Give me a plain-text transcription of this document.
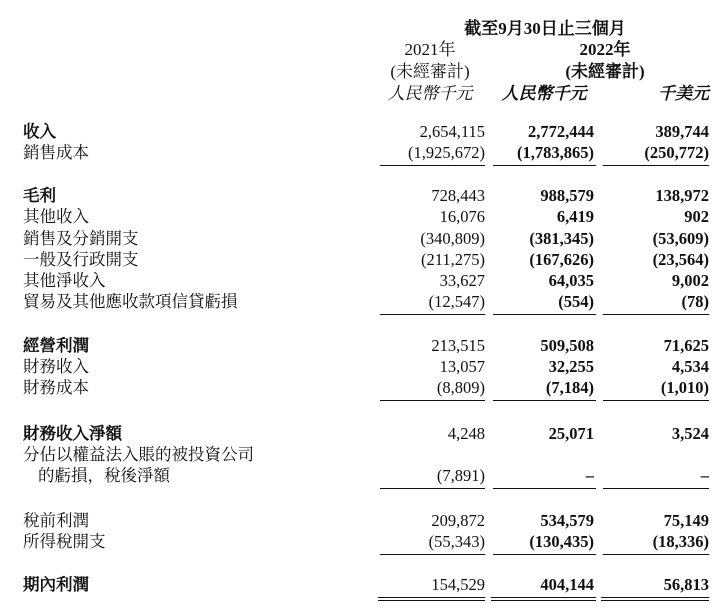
截至9月30日止三個月
2021年	2022年
(未經審計)	(未經審計)
人民幣千元	人民幣千元	千美元
收入	2,654,115	2,772,444	389,744
銷售成本	(1,925,672)	(1,783,865)	(250,772)
毛利	728,443	988,579	138,972
其他收入	16,076	6,419	902
銷售及分銷開支	(340,809)	(381,345)	(53,609)
一般及行政開支	(211,275)	(167,626)	(23,564)
其他淨收入	33,627	64,035	9,002
貿易及其他應收款項信貸虧損	(12,547)	(554)	(78)
經營利潤	213,515	509,508	71,625
財務收入	13,057	32,255	4,534
財務成本	(8,809)	(7,184)	(1,010)
財務收入淨額	4,248	25,071	3,524
分佔以權益法入賬的被投資公司
的虧損，稅後淨額	(7,891)	–	–
稅前利潤	209,872	534,579	75,149
所得稅開支	(55,343)	(130,435)	(18,336)
期內利潤	154,529	404,144	56,813
